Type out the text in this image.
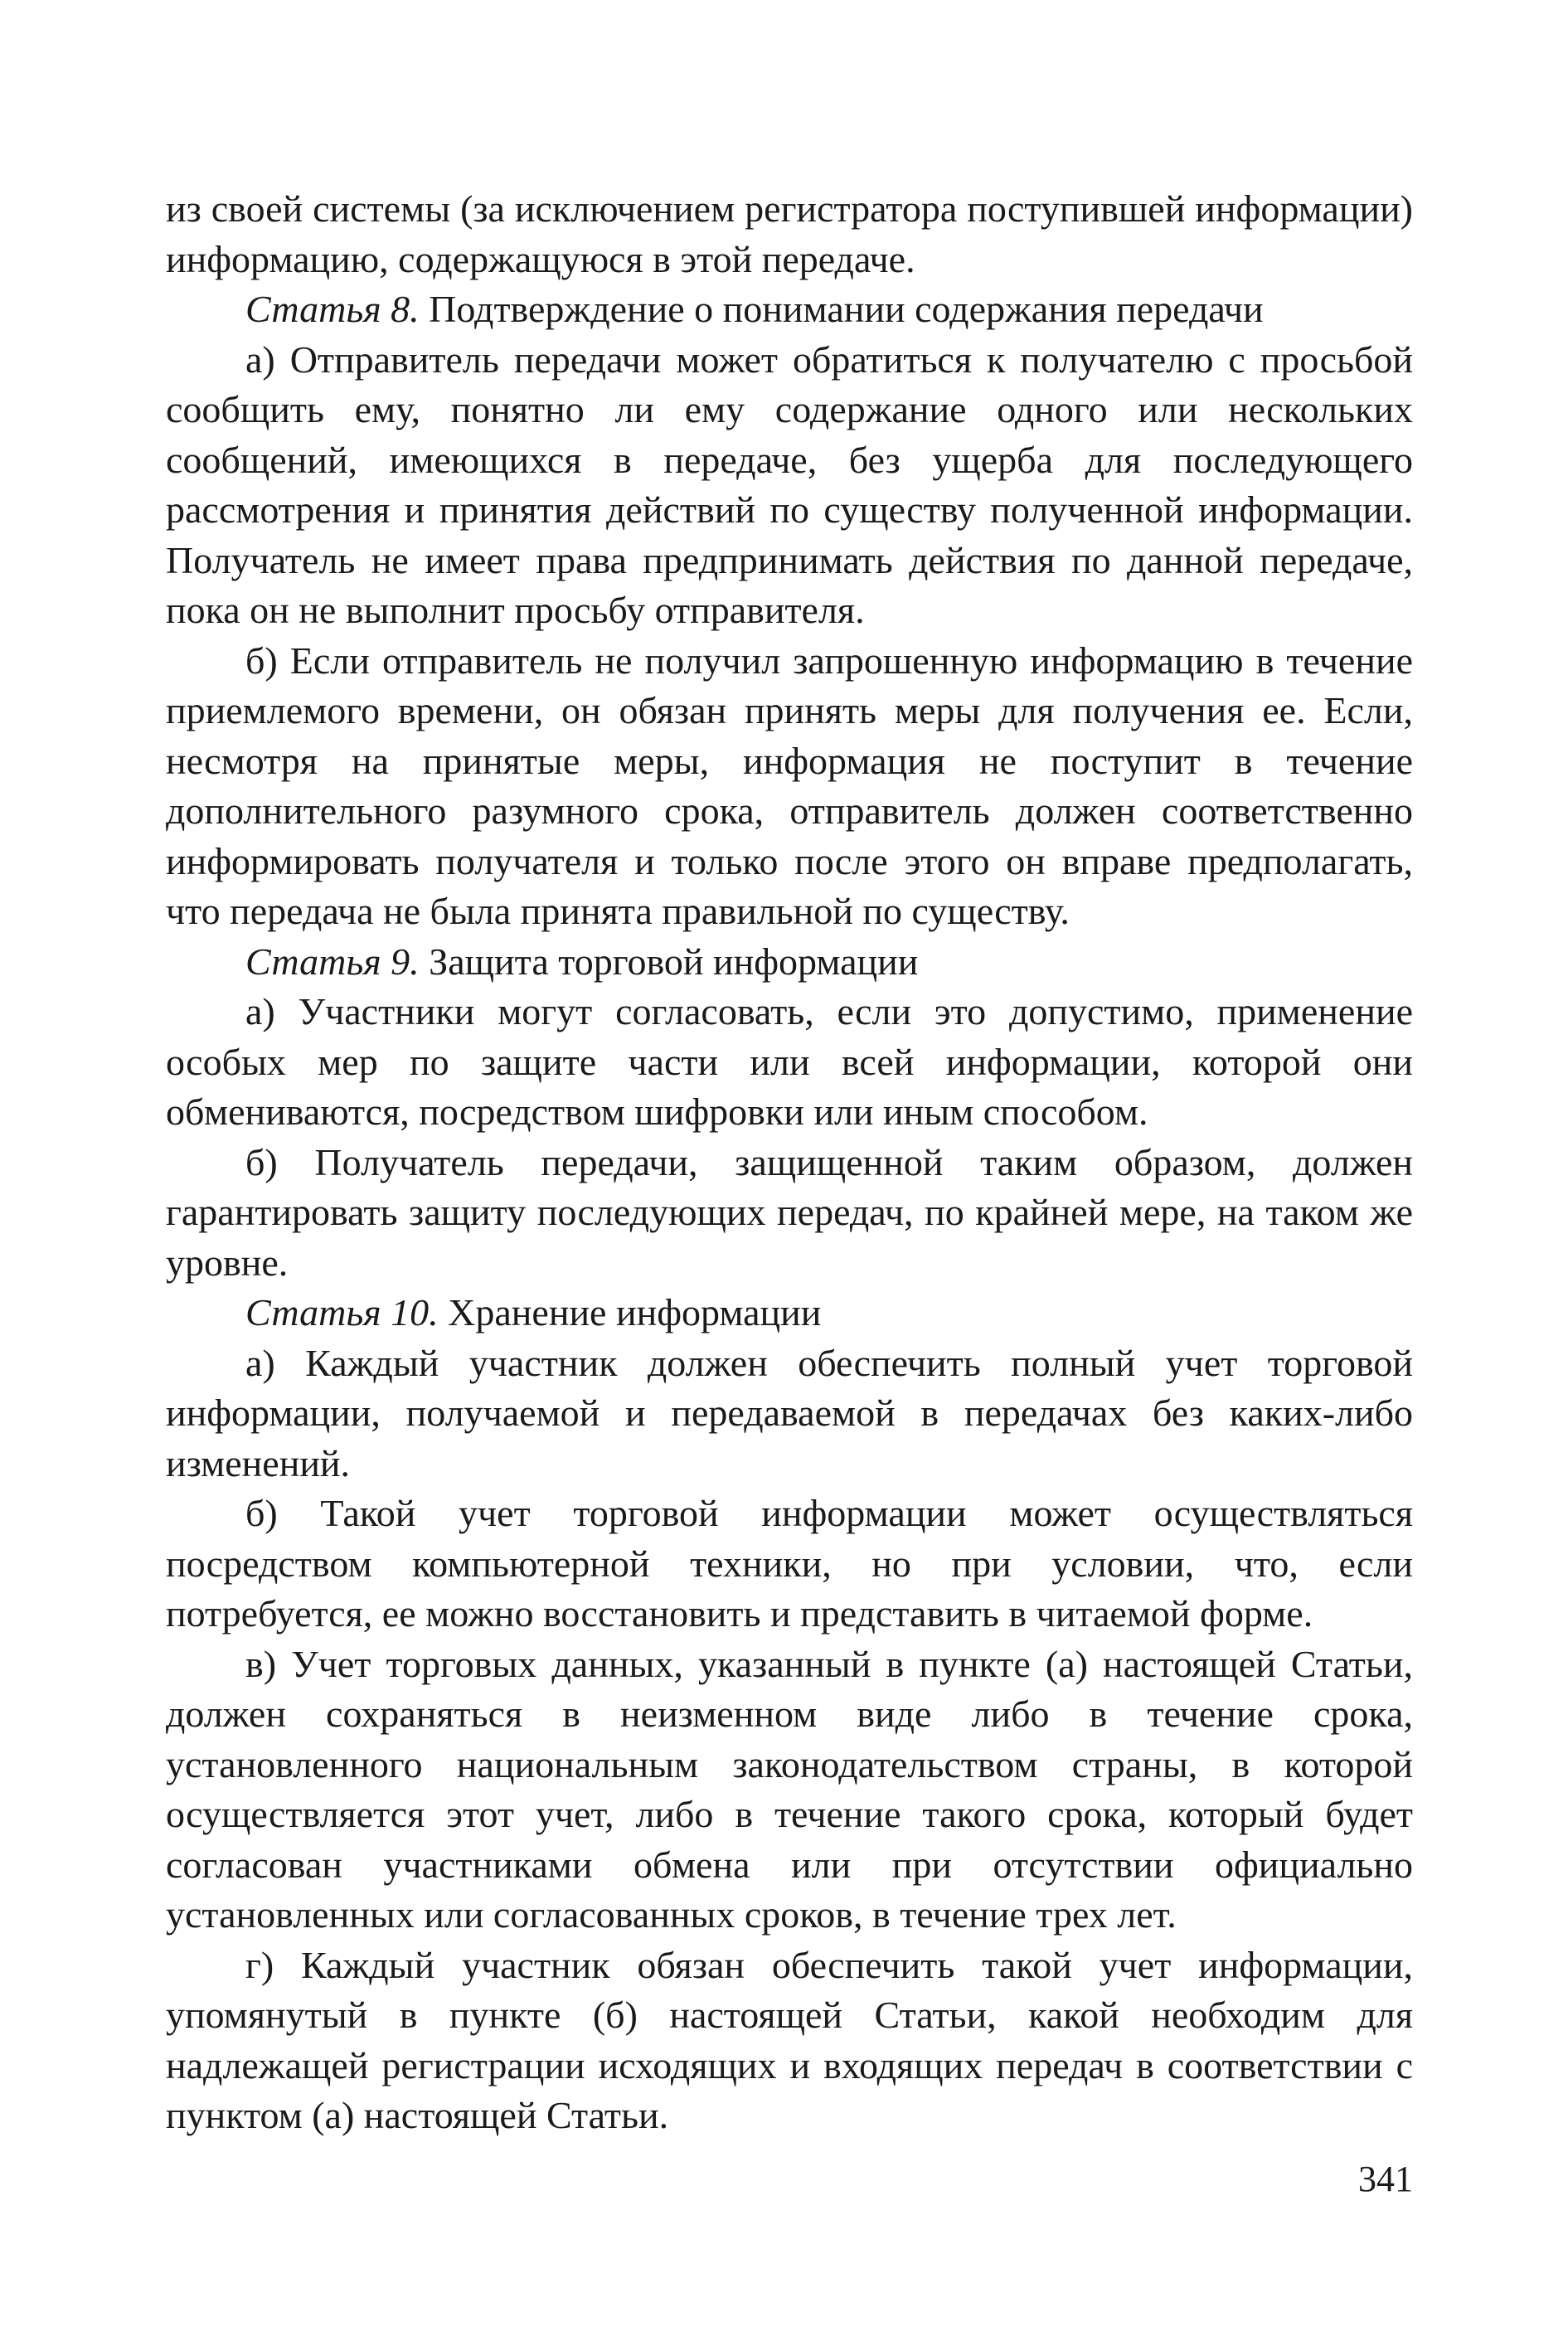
из своей системы (за исключением регистратора поступившей информации) информацию, содержащуюся в этой передаче.

Статья 8. Подтверждение о понимании содержания передачи

а) Отправитель передачи может обратиться к получателю с просьбой сообщить ему, понятно ли ему содержание одного или нескольких сообщений, имеющихся в передаче, без ущерба для последующего рассмотрения и принятия действий по существу полученной информации. Получатель не имеет права предпринимать действия по данной передаче, пока он не выполнит просьбу отправителя.

б) Если отправитель не получил запрошенную информацию в течение приемлемого времени, он обязан принять меры для получения ее. Если, несмотря на принятые меры, информация не поступит в течение дополнительного разумного срока, отправитель должен соответственно информировать получателя и только после этого он вправе предполагать, что передача не была принята правильной по существу.

Статья 9. Защита торговой информации

а) Участники могут согласовать, если это допустимо, применение особых мер по защите части или всей информации, которой они обмениваются, посредством шифровки или иным способом.

б) Получатель передачи, защищенной таким образом, должен гарантировать защиту последующих передач, по крайней мере, на таком же уровне.

Статья 10. Хранение информации

а) Каждый участник должен обеспечить полный учет торговой информации, получаемой и передаваемой в передачах без каких-либо изменений.

б) Такой учет торговой информации может осуществляться посредством компьютерной техники, но при условии, что, если потребуется, ее можно восстановить и представить в читаемой форме.

в) Учет торговых данных, указанный в пункте (а) настоящей Статьи, должен сохраняться в неизменном виде либо в течение срока, установленного национальным законодательством страны, в которой осуществляется этот учет, либо в течение такого срока, который будет согласован участниками обмена или при отсутствии официально установленных или согласованных сроков, в течение трех лет.

г) Каждый участник обязан обеспечить такой учет информации, упомянутый в пункте (б) настоящей Статьи, какой необходим для надлежащей регистрации исходящих и входящих передач в соответствии с пунктом (а) настоящей Статьи.

341
